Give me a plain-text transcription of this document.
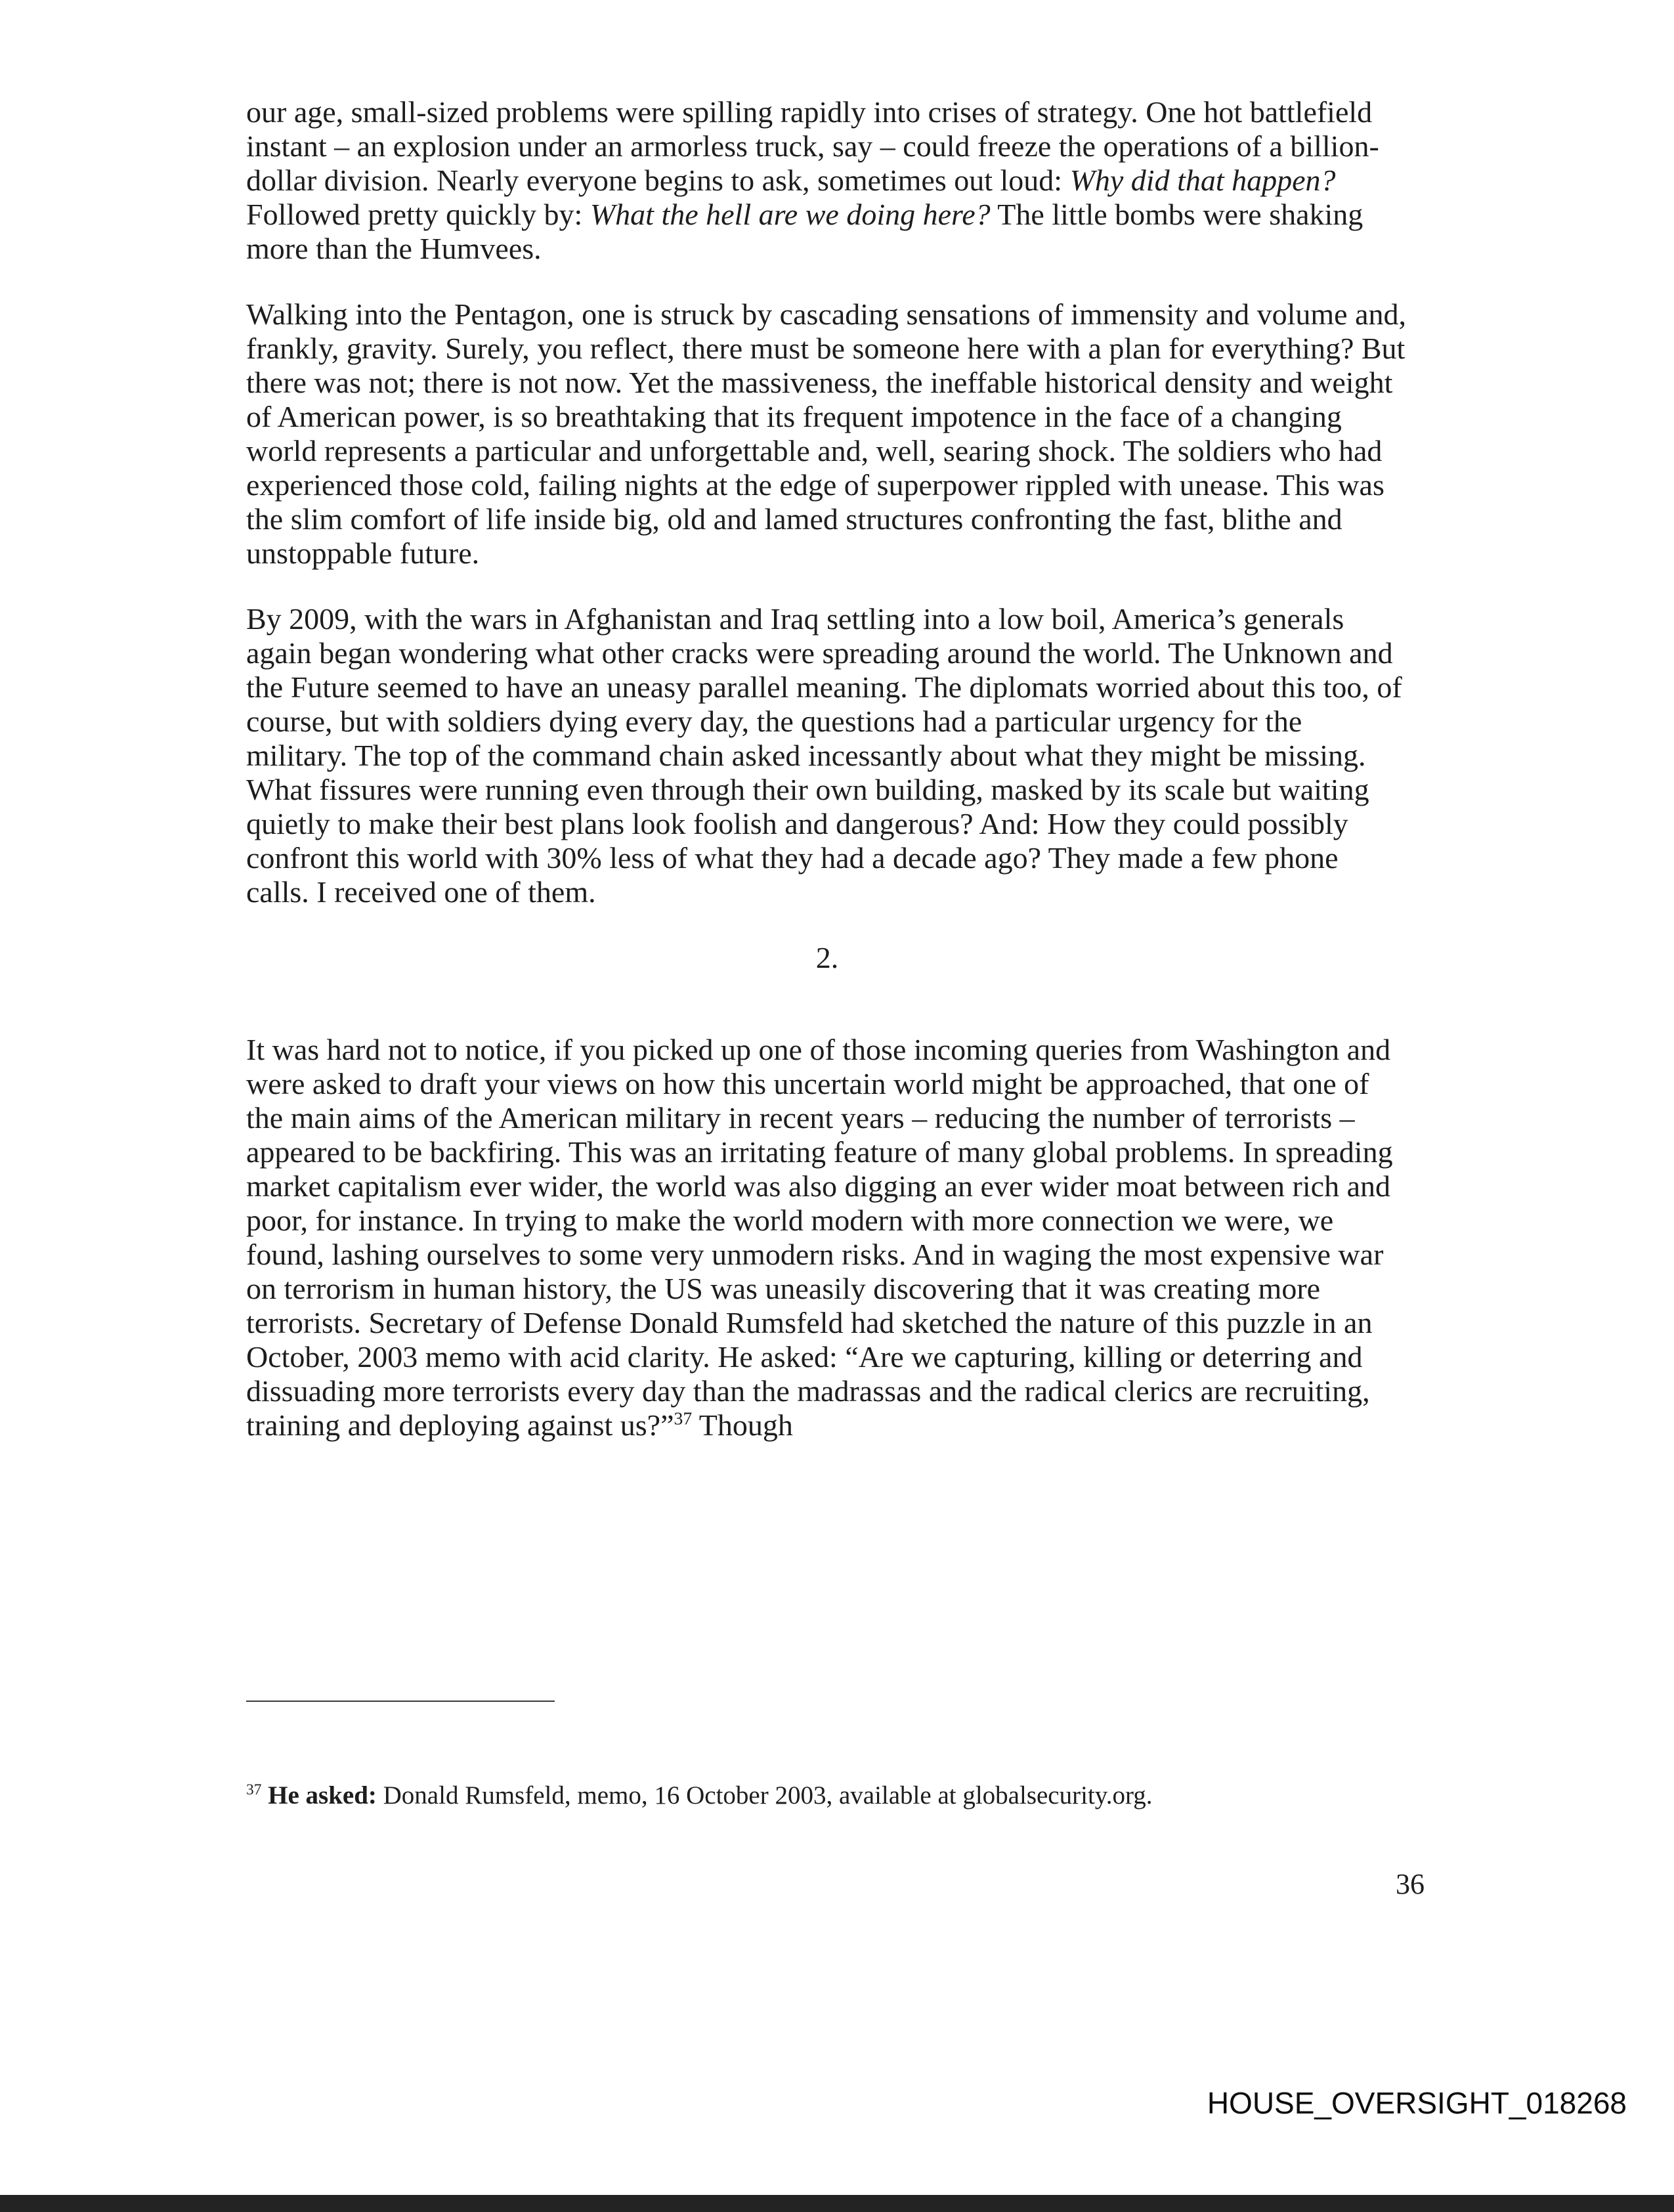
our age, small-sized problems were spilling rapidly into crises of strategy. One hot battlefield instant – an explosion under an armorless truck, say – could freeze the operations of a billion-dollar division. Nearly everyone begins to ask, sometimes out loud: Why did that happen? Followed pretty quickly by: What the hell are we doing here? The little bombs were shaking more than the Humvees.

Walking into the Pentagon, one is struck by cascading sensations of immensity and volume and, frankly, gravity. Surely, you reflect, there must be someone here with a plan for everything? But there was not; there is not now. Yet the massiveness, the ineffable historical density and weight of American power, is so breathtaking that its frequent impotence in the face of a changing world represents a particular and unforgettable and, well, searing shock. The soldiers who had experienced those cold, failing nights at the edge of superpower rippled with unease. This was the slim comfort of life inside big, old and lamed structures confronting the fast, blithe and unstoppable future.

By 2009, with the wars in Afghanistan and Iraq settling into a low boil, America’s generals again began wondering what other cracks were spreading around the world. The Unknown and the Future seemed to have an uneasy parallel meaning. The diplomats worried about this too, of course, but with soldiers dying every day, the questions had a particular urgency for the military. The top of the command chain asked incessantly about what they might be missing. What fissures were running even through their own building, masked by its scale but waiting quietly to make their best plans look foolish and dangerous? And: How they could possibly confront this world with 30% less of what they had a decade ago? They made a few phone calls. I received one of them.

2.

It was hard not to notice, if you picked up one of those incoming queries from Washington and were asked to draft your views on how this uncertain world might be approached, that one of the main aims of the American military in recent years – reducing the number of terrorists – appeared to be backfiring. This was an irritating feature of many global problems. In spreading market capitalism ever wider, the world was also digging an ever wider moat between rich and poor, for instance. In trying to make the world modern with more connection we were, we found, lashing ourselves to some very unmodern risks. And in waging the most expensive war on terrorism in human history, the US was uneasily discovering that it was creating more terrorists. Secretary of Defense Donald Rumsfeld had sketched the nature of this puzzle in an October, 2003 memo with acid clarity. He asked: “Are we capturing, killing or deterring and dissuading more terrorists every day than the madrassas and the radical clerics are recruiting, training and deploying against us?”$^{37}$ Though

$^{37}$ He asked: Donald Rumsfeld, memo, 16 October 2003, available at globalsecurity.org.
36
HOUSE_OVERSIGHT_018268
